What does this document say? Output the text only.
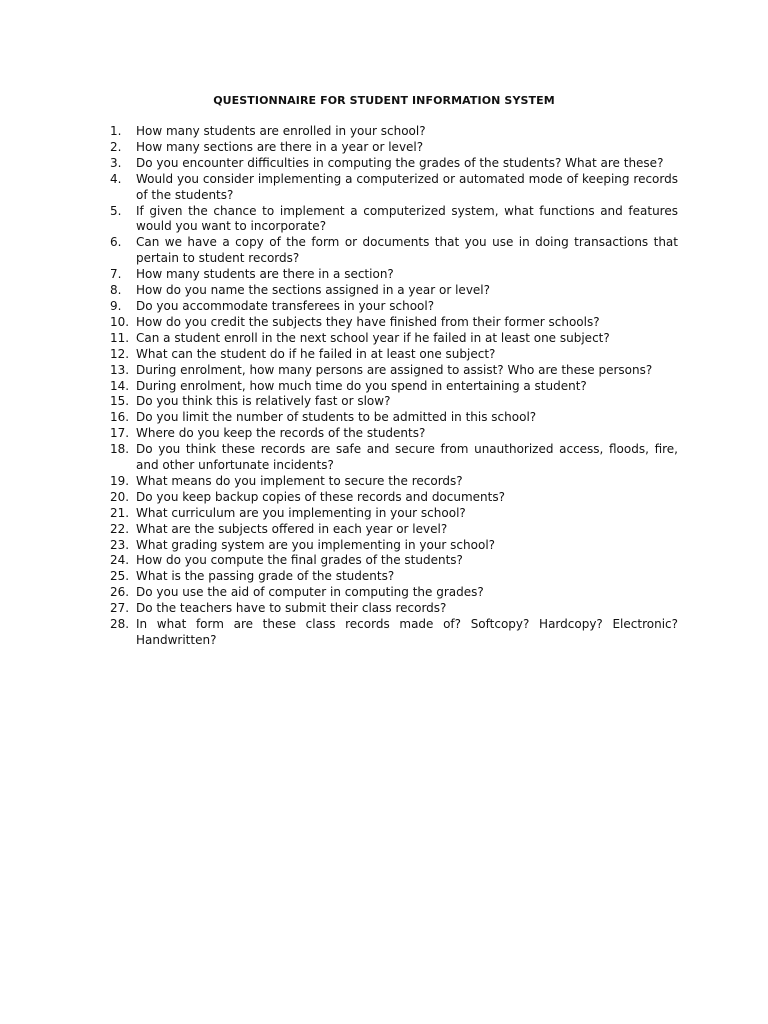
QUESTIONNAIRE FOR STUDENT INFORMATION SYSTEM
1.	How many students are enrolled in your school?
2.	How many sections are there in a year or level?
3.	Do you encounter difficulties in computing the grades of the students? What are these?
4.	Would you consider implementing a computerized or automated mode of keeping records of the students?
5.	If given the chance to implement a computerized system, what functions and features would you want to incorporate?
6.	Can we have a copy of the form or documents that you use in doing transactions that pertain to student records?
7.	How many students are there in a section?
8.	How do you name the sections assigned in a year or level?
9.	Do you accommodate transferees in your school?
10. How do you credit the subjects they have finished from their former schools?
11. Can a student enroll in the next school year if he failed in at least one subject?
12. What can the student do if he failed in at least one subject?
13. During enrolment, how many persons are assigned to assist? Who are these persons?
14. During enrolment, how much time do you spend in entertaining a student?
15. Do you think this is relatively fast or slow?
16. Do you limit the number of students to be admitted in this school?
17. Where do you keep the records of the students?
18. Do you think these records are safe and secure from unauthorized access, floods, fire, and other unfortunate incidents?
19. What means do you implement to secure the records?
20. Do you keep backup copies of these records and documents?
21. What curriculum are you implementing in your school?
22. What are the subjects offered in each year or level?
23. What grading system are you implementing in your school?
24. How do you compute the final grades of the students?
25. What is the passing grade of the students?
26. Do you use the aid of computer in computing the grades?
27. Do the teachers have to submit their class records?
28. In what form are these class records made of? Softcopy? Hardcopy? Electronic? Handwritten?
